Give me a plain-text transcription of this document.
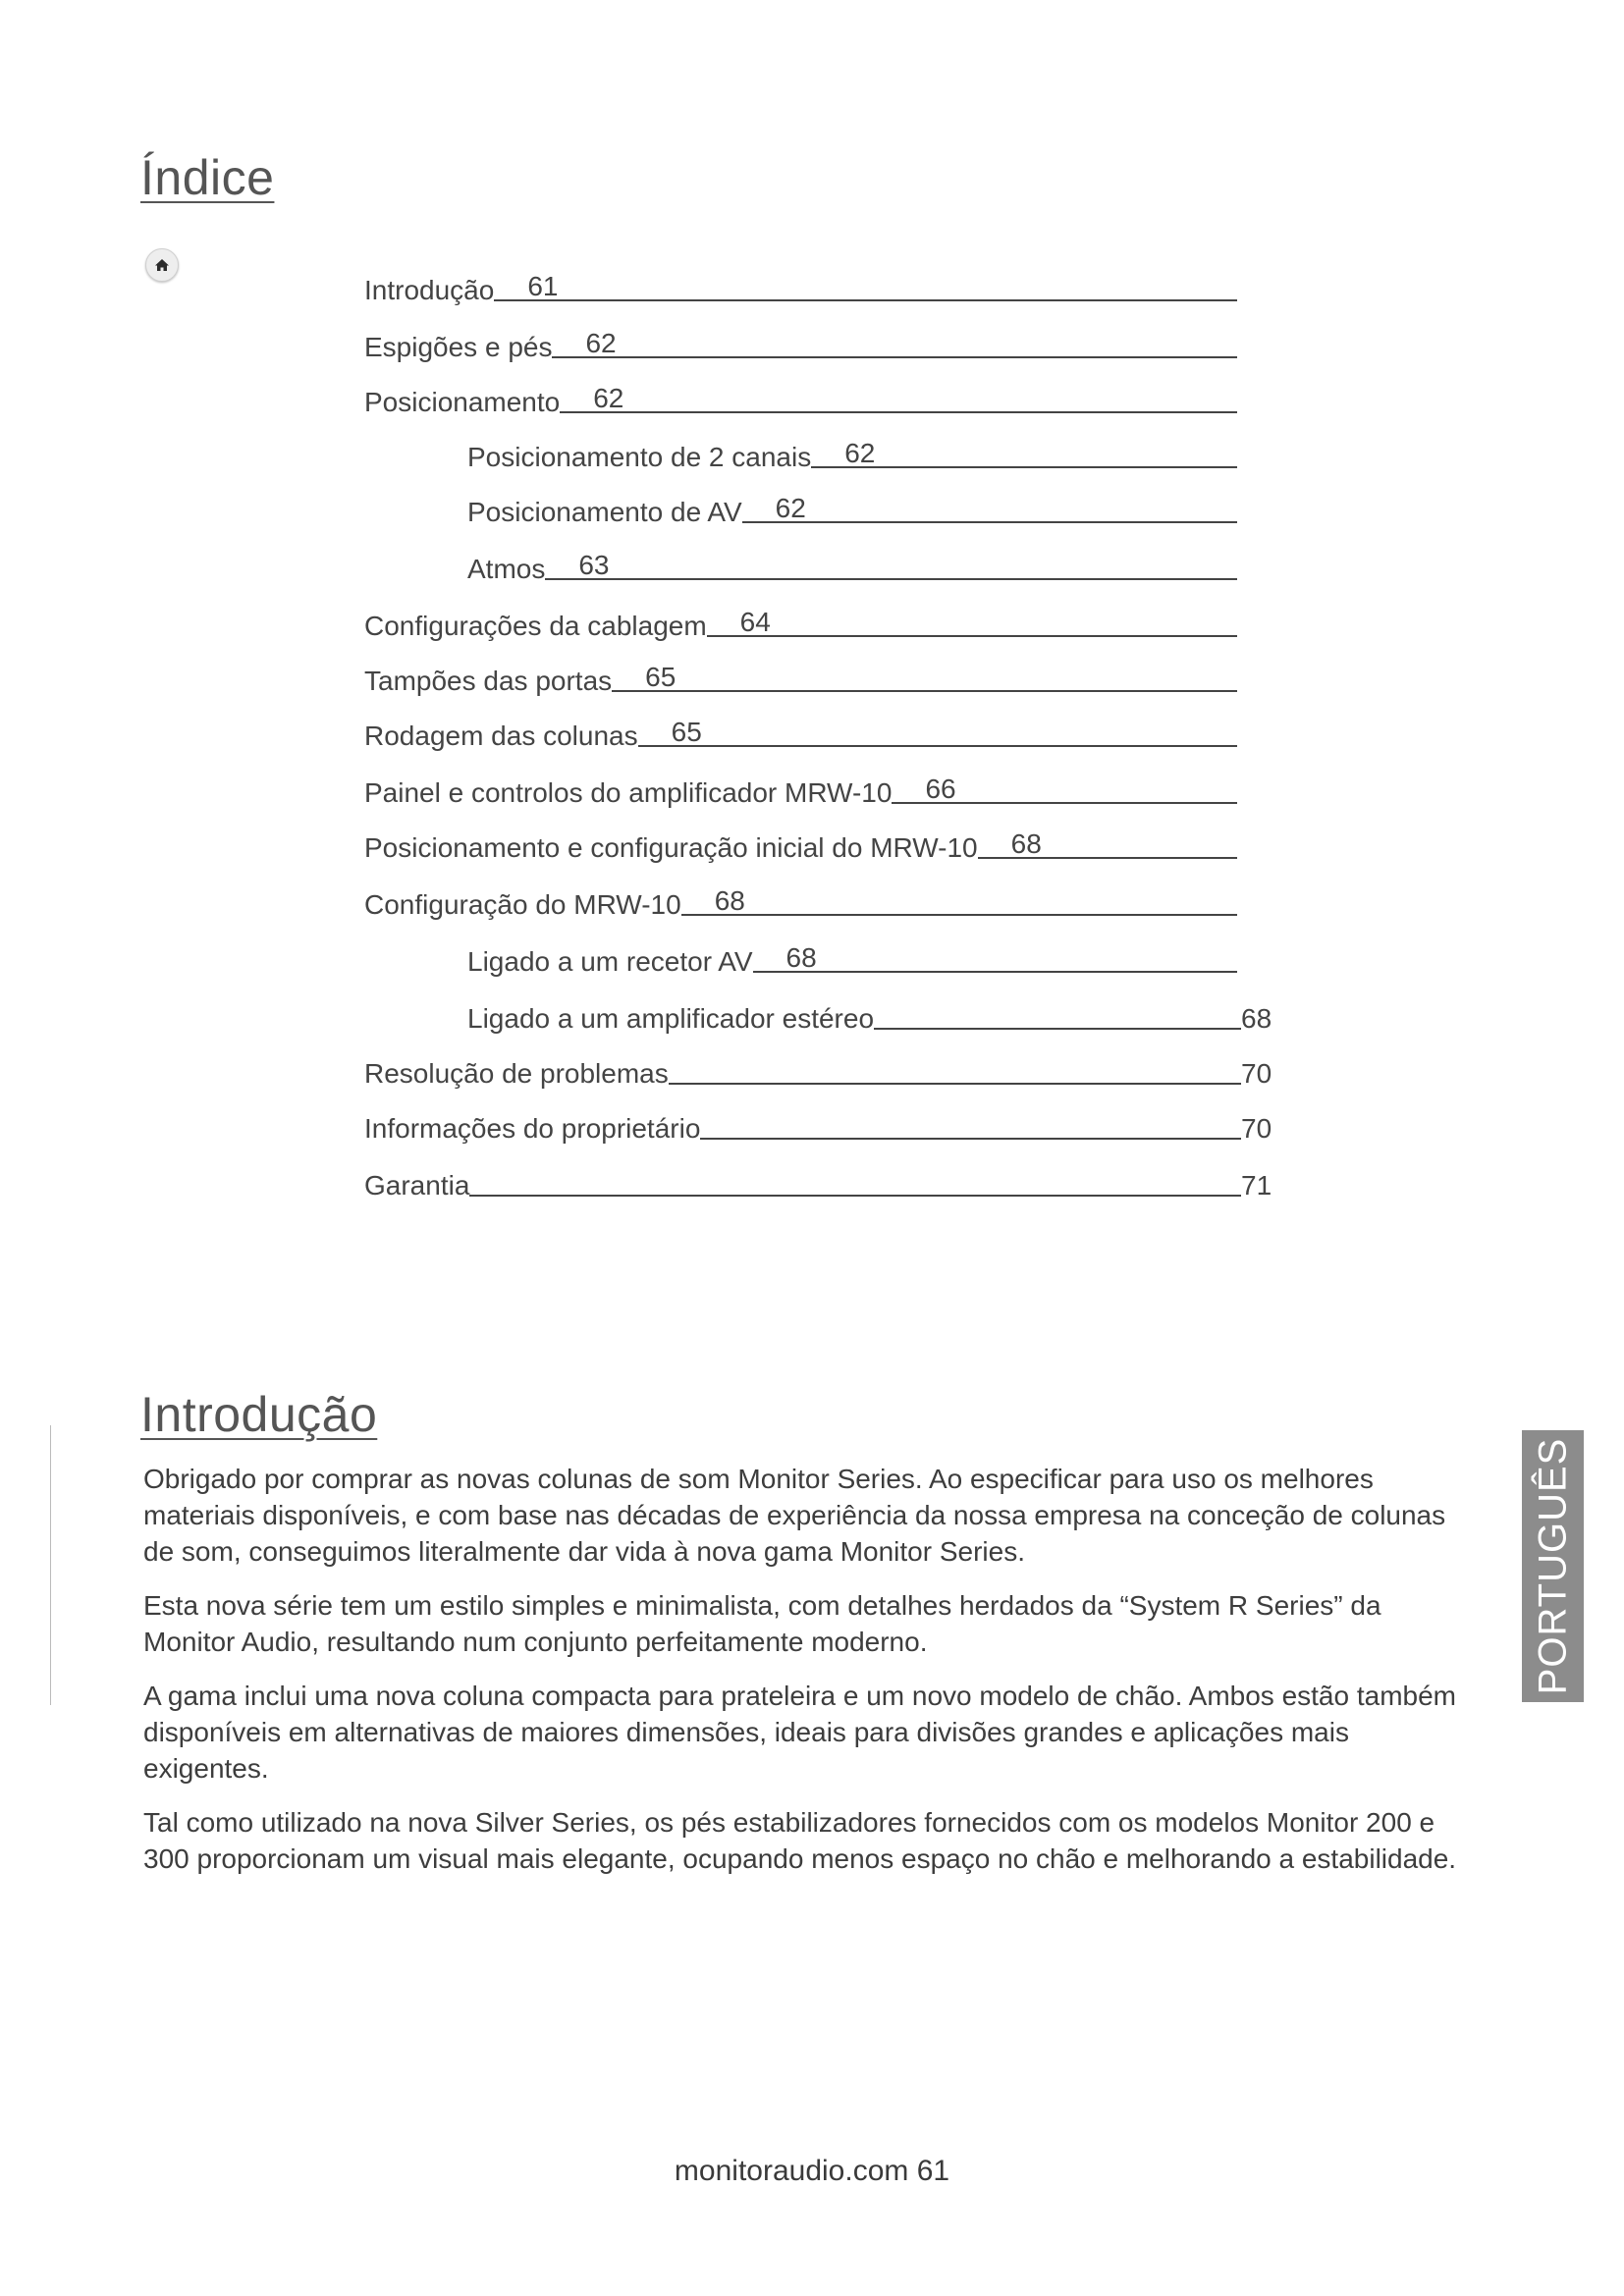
Índice
Introdução	61
Espigões e pés	62
Posicionamento	62
Posicionamento de 2 canais	62
Posicionamento de AV	62
Atmos	63
Configurações da cablagem	64
Tampões das portas	65
Rodagem das colunas	65
Painel e controlos do amplificador MRW-10	66
Posicionamento e configuração inicial do MRW-10	68
Configuração do MRW-10	68
Ligado a um recetor AV	68
Ligado a um amplificador estéreo	68
Resolução de problemas	70
Informações do proprietário	70
Garantia	71
Introdução

Obrigado por comprar as novas colunas de som Monitor Series. Ao especificar para uso os melhores materiais disponíveis, e com base nas décadas de experiência da nossa empresa na conceção de colunas de som, conseguimos literalmente dar vida à nova gama Monitor Series.

Esta nova série tem um estilo simples e minimalista, com detalhes herdados da “System R Series” da Monitor Audio, resultando num conjunto perfeitamente moderno.

A gama inclui uma nova coluna compacta para prateleira e um novo modelo de chão. Ambos estão também disponíveis em alternativas de maiores dimensões, ideais para divisões grandes e aplicações mais exigentes.

Tal como utilizado na nova Silver Series, os pés estabilizadores fornecidos com os modelos Monitor 200 e 300 proporcionam um visual mais elegante, ocupando menos espaço no chão e melhorando a estabilidade.

PORTUGUÊS
monitoraudio.com 61
